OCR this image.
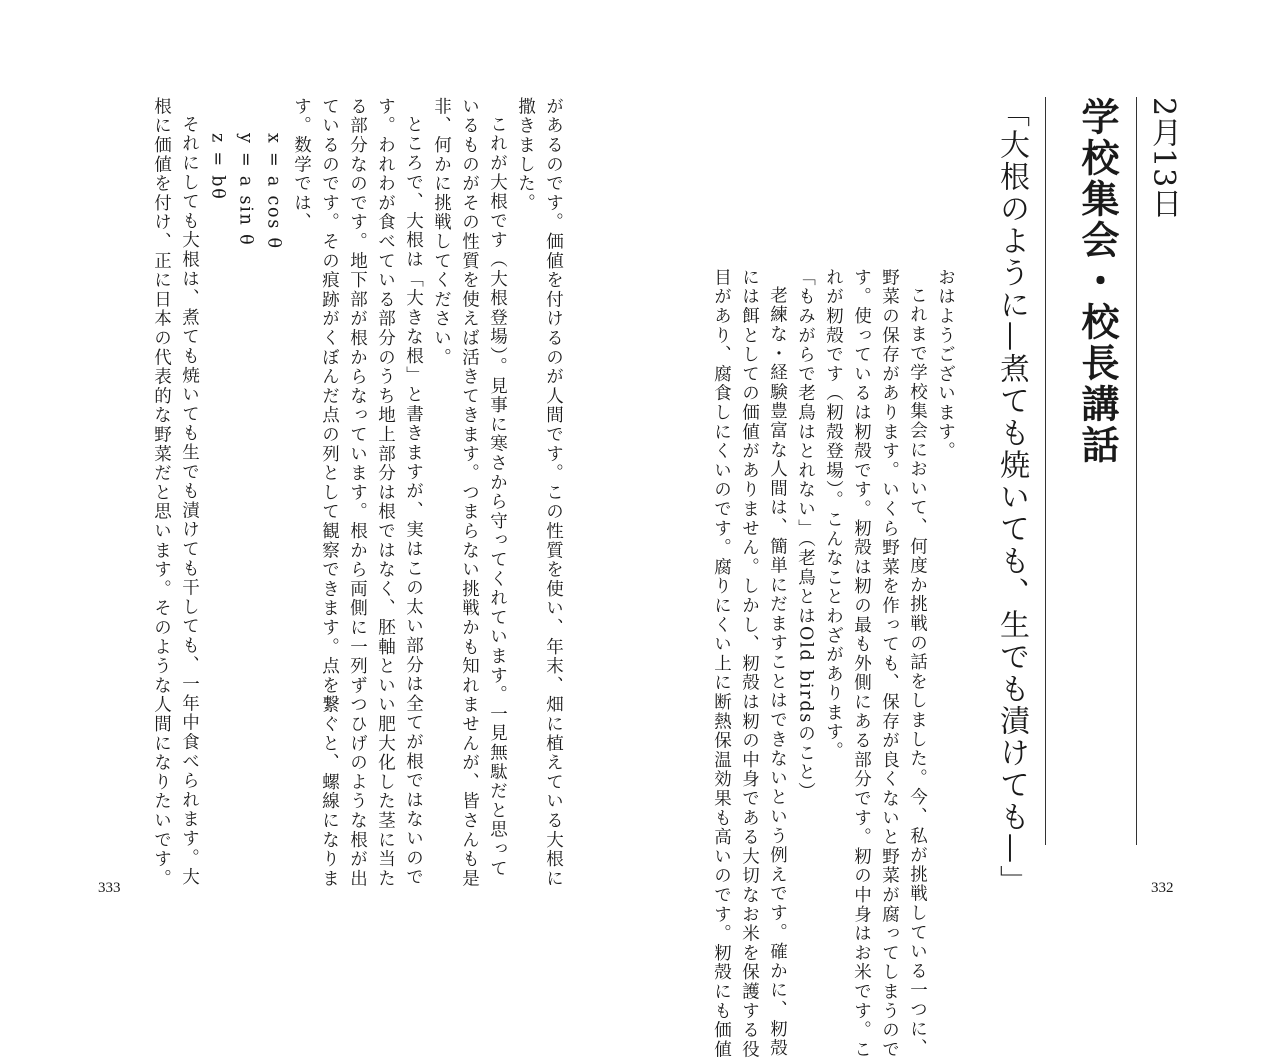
2月13日
学校集会・校長講話
「大根のように—煮ても焼いても、生でも漬けても—」
おはようございます。
これまで学校集会において、何度か挑戦の話をしました。今、私が挑戦している一つに、
野菜の保存があります。いくら野菜を作っても、保存が良くないと野菜が腐ってしまうので
す。使っているは籾殻です。籾殻は籾の最も外側にある部分です。籾の中身はお米です。こ
れが籾殻です（籾殻登場）。こんなことわざがあります。
「もみがらで老鳥はとれない」（老鳥とはOld birdsのこと）
老練な・経験豊富な人間は、簡単にだますことはできないという例えです。確かに、籾殻
には餌としての価値がありません。しかし、籾殻は籾の中身である大切なお米を保護する役
目があり、腐食しにくいのです。腐りにくい上に断熱保温効果も高いのです。籾殻にも価値	332
があるのです。価値を付けるのが人間です。この性質を使い、年末、畑に植えている大根に
撒きました。
これが大根です（大根登場）。見事に寒さから守ってくれています。一見無駄だと思って
いるものがその性質を使えば活きてきます。つまらない挑戦かも知れませんが、皆さんも是
非、何かに挑戦してください。
ところで、大根は「大きな根」と書きますが、実はこの太い部分は全てが根ではないので
す。われわが食べている部分のうち地上部分は根ではなく、胚軸といい肥大化した茎に当た
る部分なのです。地下部が根からなっています。根から両側に一列ずつひげのような根が出
ているのです。その痕跡がくぼんだ点の列として観察できます。点を繋ぐと、螺線になりま
す。数学では、
x = a cos θ
y = a sin θ
z = bθ
それにしても大根は、煮ても焼いても生でも漬けても干しても、一年中食べられます。大
根に価値を付け、正に日本の代表的な野菜だと思います。そのような人間になりたいです。
333
